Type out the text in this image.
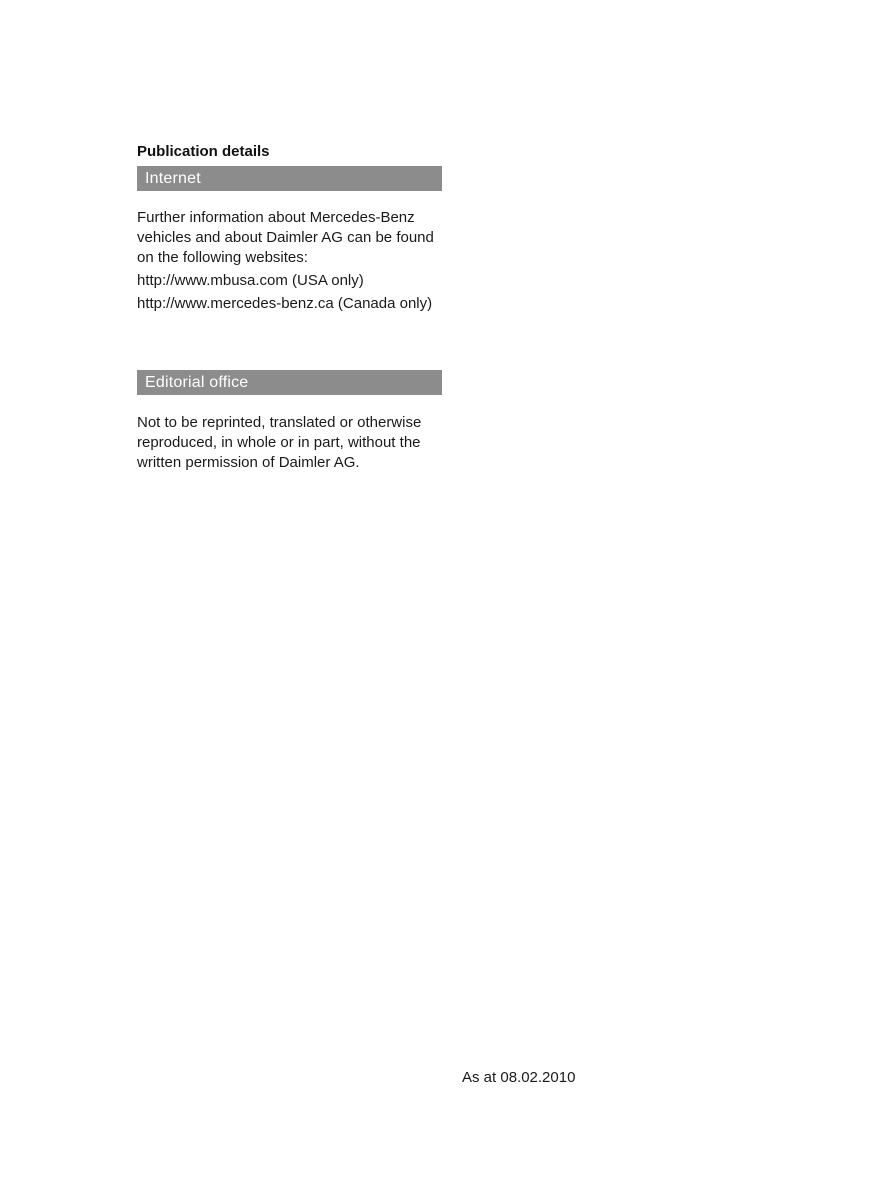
Publication details
Internet

Further information about Mercedes-Benz vehicles and about Daimler AG can be found on the following websites:

http://www.mbusa.com (USA only)

http://www.mercedes-benz.ca (Canada only)

Editorial office

Not to be reprinted, translated or otherwise reproduced, in whole or in part, without the written permission of Daimler AG.

As at 08.02.2010
